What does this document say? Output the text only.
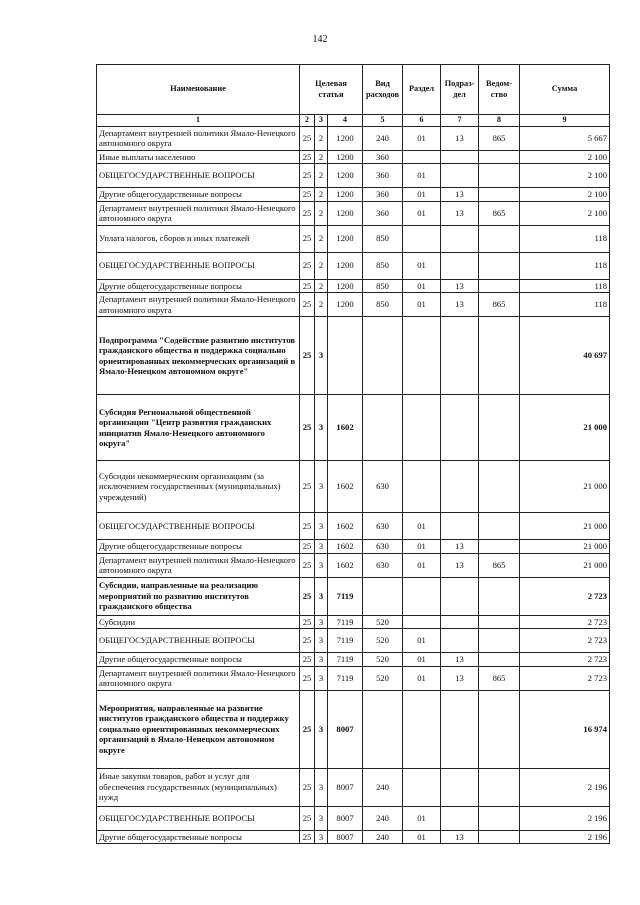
142
Наименование	Целевая статья			Вид расходов	Раздел	Подраз-дел	Ведом-ство	Сумма
1	2	3	4	5	6	7	8	9
Департамент внутренней политики Ямало-Ненецкого автономного округа	25	2	1200	240	01	13	865	5 667
Иные выплаты населению	25	2	1200	360				2 100
ОБЩЕГОСУДАРСТВЕННЫЕ ВОПРОСЫ	25	2	1200	360	01			2 100
Другие общегосударственные вопросы	25	2	1200	360	01	13		2 100
Департамент внутренней политики Ямало-Ненецкого автономного округа	25	2	1200	360	01	13	865	2 100
Уплата налогов, сборов и иных платежей	25	2	1200	850				118
ОБЩЕГОСУДАРСТВЕННЫЕ ВОПРОСЫ	25	2	1200	850	01			118
Другие общегосударственные вопросы	25	2	1200	850	01	13		118
Департамент внутренней политики Ямало-Ненецкого автономного округа	25	2	1200	850	01	13	865	118
Подпрограмма "Содействие развитию институтов гражданского общества и поддержка социально ориентированных некоммерческих организаций в Ямало-Ненецком автономном округе"	25	3						40 697
Субсидия Региональной общественной организации "Центр развития гражданских инициатив Ямало-Ненецкого автономного округа"	25	3	1602					21 000
Субсидии некоммерческим организациям (за исключением государственных (муниципальных) учреждений)	25	3	1602	630				21 000
ОБЩЕГОСУДАРСТВЕННЫЕ ВОПРОСЫ	25	3	1602	630	01			21 000
Другие общегосударственные вопросы	25	3	1602	630	01	13		21 000
Департамент внутренней политики Ямало-Ненецкого автономного округа	25	3	1602	630	01	13	865	21 000
Субсидии, направленные на реализацию мероприятий по развитию институтов гражданского общества	25	3	7119					2 723
Субсидии	25	3	7119	520				2 723
ОБЩЕГОСУДАРСТВЕННЫЕ ВОПРОСЫ	25	3	7119	520	01			2 723
Другие общегосударственные вопросы	25	3	7119	520	01	13		2 723
Департамент внутренней политики Ямало-Ненецкого автономного округа	25	3	7119	520	01	13	865	2 723
Мероприятия, направленные на развитие институтов гражданского общества и поддержку социально ориентированных некоммерческих организаций в Ямало-Ненецком автономном округе	25	3	8007					16 974
Иные закупки товаров, работ и услуг для обеспечения государственных (муниципальных) нужд	25	3	8007	240				2 196
ОБЩЕГОСУДАРСТВЕННЫЕ ВОПРОСЫ	25	3	8007	240	01			2 196
Другие общегосударственные вопросы	25	3	8007	240	01	13		2 196
